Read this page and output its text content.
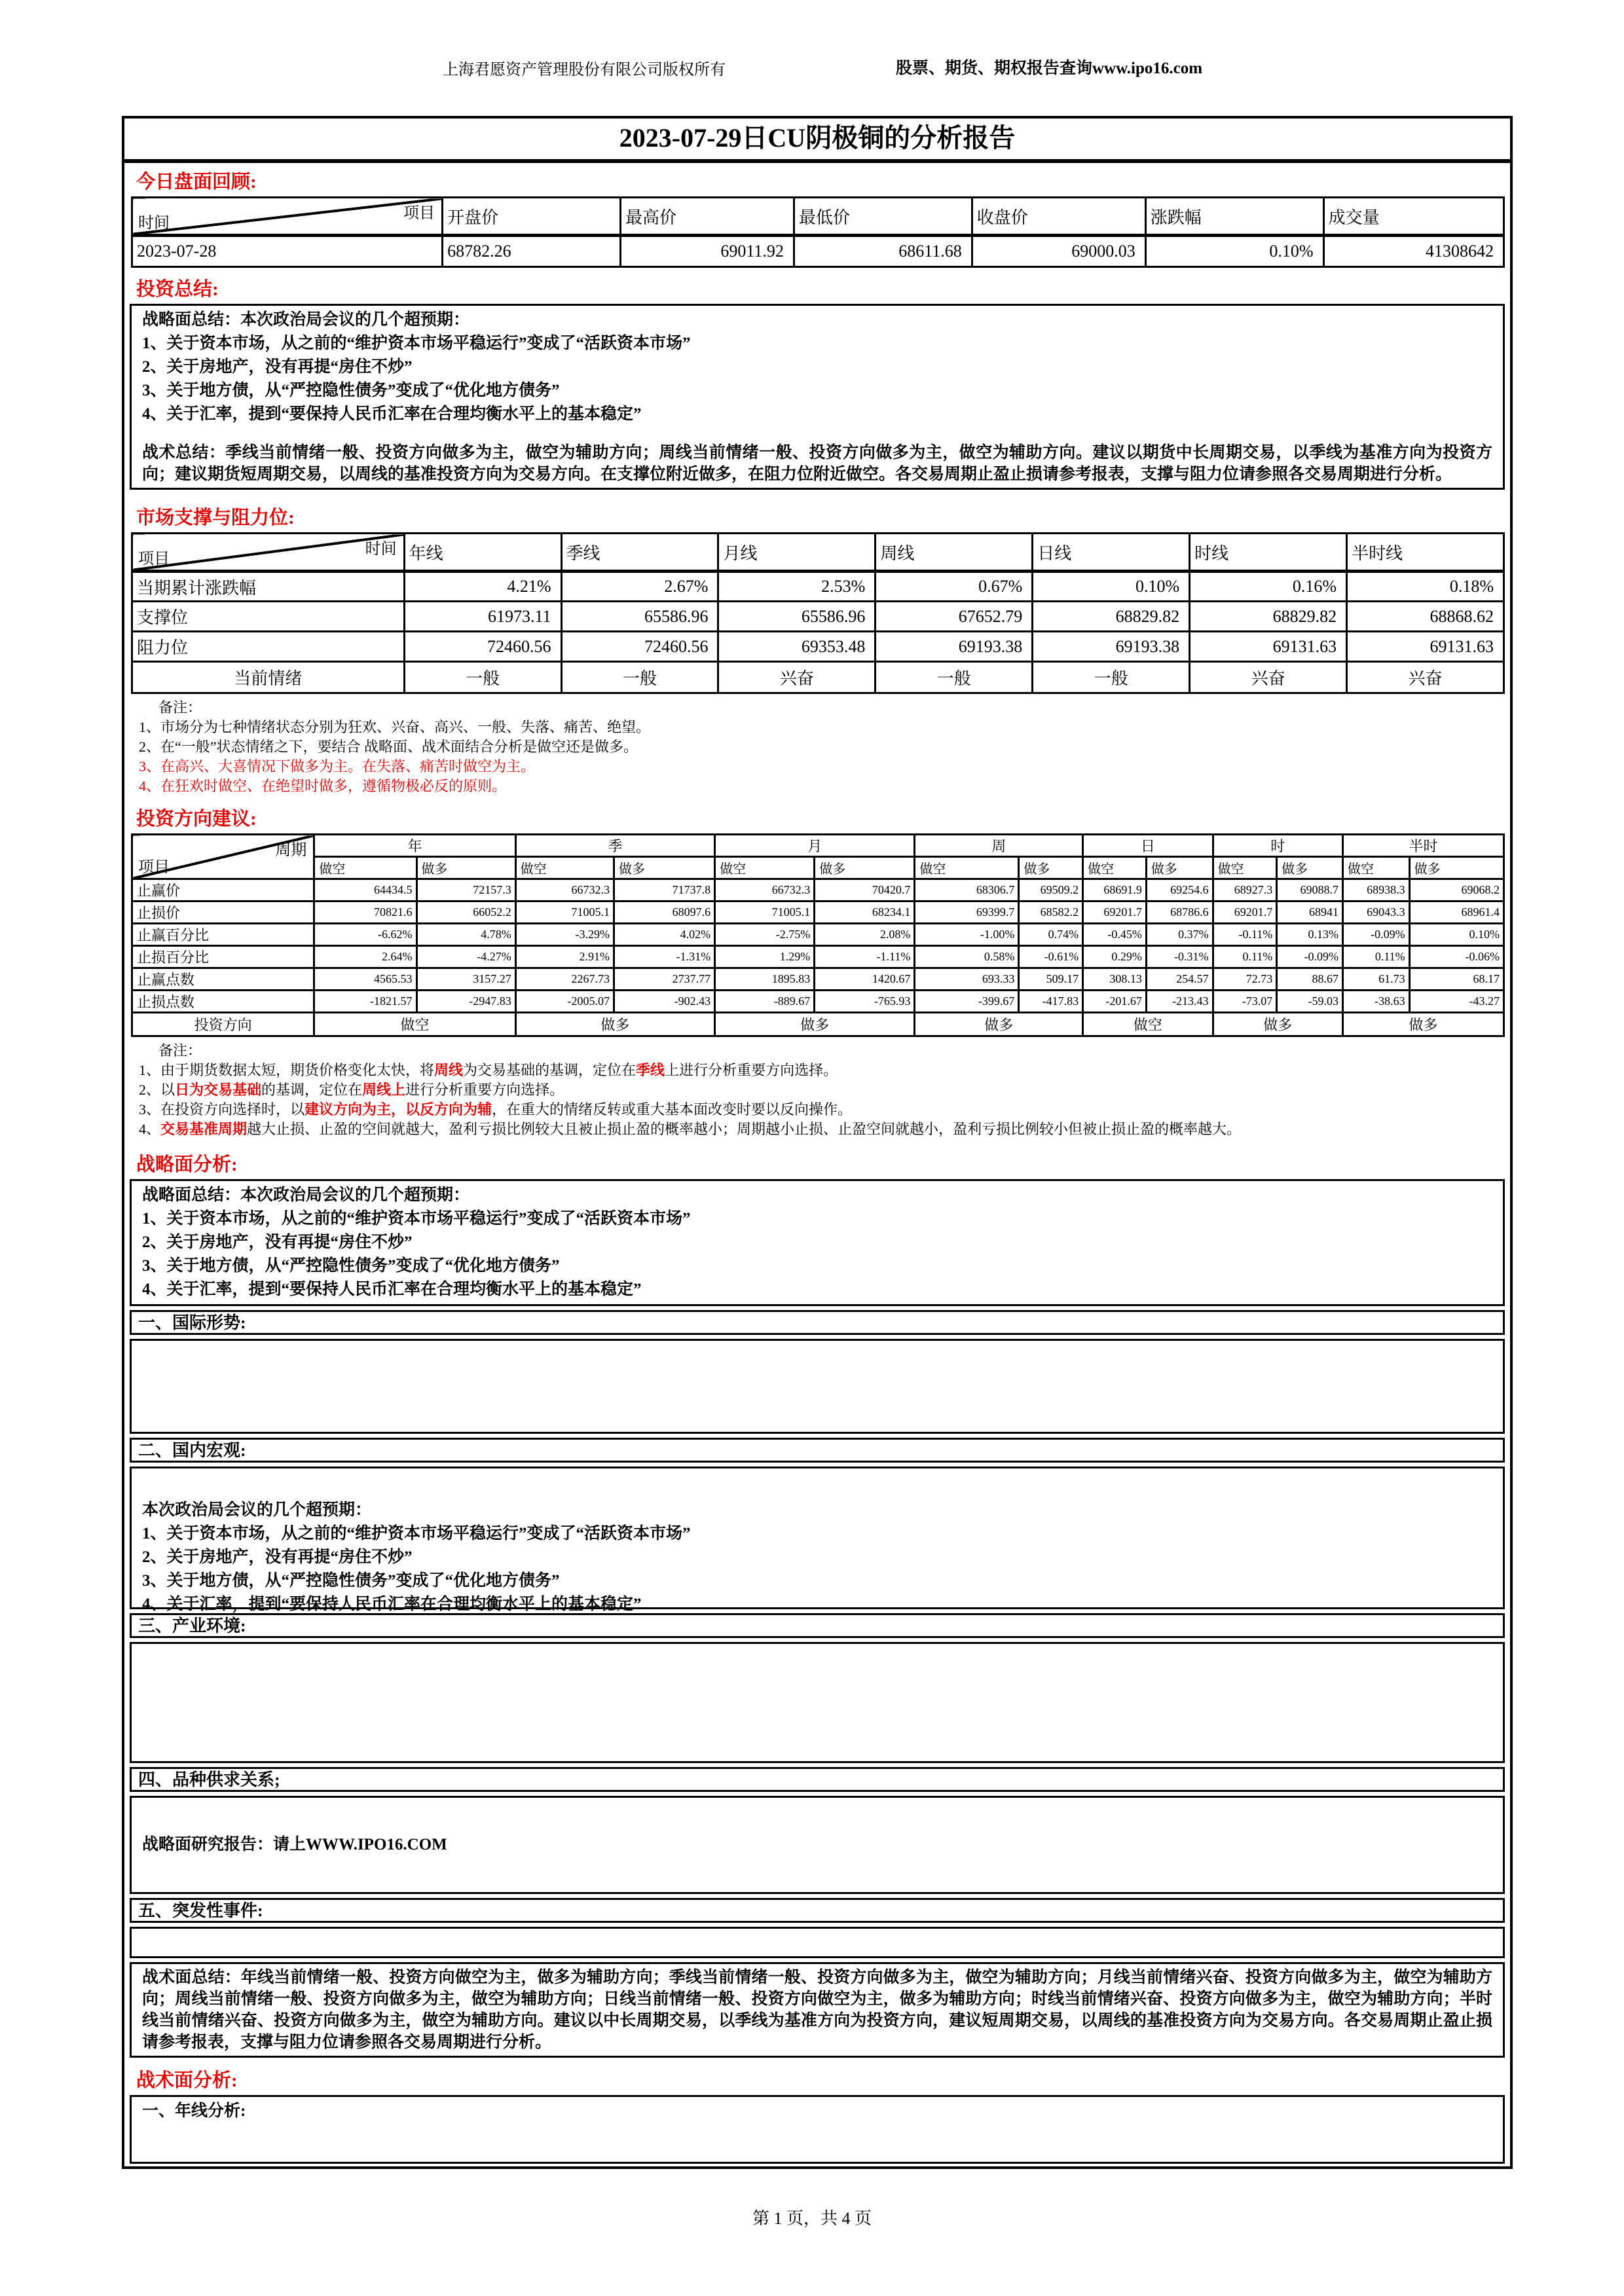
上海君愿资产管理股份有限公司版权所有	股票、期货、期权报告查询www.ipo16.com
2023-07-29日CU阴极铜的分析报告
今日盘面回顾:
项目
时间	开盘价	最高价	最低价	收盘价	涨跌幅	成交量
2023-07-28	68782.26	69011.92	68611.68	69000.03	0.10%	41308642
投资总结:
战略面总结：本次政治局会议的几个超预期：
1、关于资本市场，从之前的“维护资本市场平稳运行”变成了“活跃资本市场”
2、关于房地产，没有再提“房住不炒”
3、关于地方债，从“严控隐性债务”变成了“优化地方债务”
4、关于汇率，提到“要保持人民币汇率在合理均衡水平上的基本稳定”
战术总结：季线当前情绪一般、投资方向做多为主，做空为辅助方向；周线当前情绪一般、投资方向做多为主，做空为辅助方向。建议以期货中长周期交易，以季线为基准方向为投资方向；建议期货短周期交易，以周线的基准投资方向为交易方向。在支撑位附近做多，在阻力位附近做空。各交易周期止盈止损请参考报表，支撑与阻力位请参照各交易周期进行分析。
市场支撑与阻力位:
时间
项目	年线	季线	月线	周线	日线	时线	半时线
当期累计涨跌幅	4.21%	2.67%	2.53%	0.67%	0.10%	0.16%	0.18%
支撑位	61973.11	65586.96	65586.96	67652.79	68829.82	68829.82	68868.62
阻力位	72460.56	72460.56	69353.48	69193.38	69193.38	69131.63	69131.63
当前情绪	一般	一般	兴奋	一般	一般	兴奋	兴奋
备注：
1、市场分为七种情绪状态分别为狂欢、兴奋、高兴、一般、失落、痛苦、绝望。
2、在“一般”状态情绪之下，要结合 战略面、战术面结合分析是做空还是做多。
3、在高兴、大喜情况下做多为主。在失落、痛苦时做空为主。
4、在狂欢时做空、在绝望时做多，遵循物极必反的原则。
投资方向建议:
周期
项目	年		季		月		周		日		时		半时	
	做空	做多	做空	做多	做空	做多	做空	做多	做空	做多	做空	做多	做空	做多
止赢价	64434.5	72157.3	66732.3	71737.8	66732.3	70420.7	68306.7	69509.2	68691.9	69254.6	68927.3	69088.7	68938.3	69068.2
止损价	70821.6	66052.2	71005.1	68097.6	71005.1	68234.1	69399.7	68582.2	69201.7	68786.6	69201.7	68941	69043.3	68961.4
止赢百分比	-6.62%	4.78%	-3.29%	4.02%	-2.75%	2.08%	-1.00%	0.74%	-0.45%	0.37%	-0.11%	0.13%	-0.09%	0.10%
止损百分比	2.64%	-4.27%	2.91%	-1.31%	1.29%	-1.11%	0.58%	-0.61%	0.29%	-0.31%	0.11%	-0.09%	0.11%	-0.06%
止赢点数	4565.53	3157.27	2267.73	2737.77	1895.83	1420.67	693.33	509.17	308.13	254.57	72.73	88.67	61.73	68.17
止损点数	-1821.57	-2947.83	-2005.07	-902.43	-889.67	-765.93	-399.67	-417.83	-201.67	-213.43	-73.07	-59.03	-38.63	-43.27
投资方向	做空		做多		做多		做多		做空		做多		做多	
备注：
1、由于期货数据太短，期货价格变化太快，将周线为交易基础的基调，定位在季线上进行分析重要方向选择。
2、以日为交易基础的基调，定位在周线上进行分析重要方向选择。
3、在投资方向选择时，以建议方向为主，以反方向为辅，在重大的情绪反转或重大基本面改变时要以反向操作。
4、交易基准周期越大止损、止盈的空间就越大，盈利亏损比例较大且被止损止盈的概率越小；周期越小止损、止盈空间就越小，盈利亏损比例较小但被止损止盈的概率越大。
战略面分析:
战略面总结：本次政治局会议的几个超预期：
1、关于资本市场，从之前的“维护资本市场平稳运行”变成了“活跃资本市场”
2、关于房地产，没有再提“房住不炒”
3、关于地方债，从“严控隐性债务”变成了“优化地方债务”
4、关于汇率，提到“要保持人民币汇率在合理均衡水平上的基本稳定”
一、国际形势:
二、国内宏观:
本次政治局会议的几个超预期：
1、关于资本市场，从之前的“维护资本市场平稳运行”变成了“活跃资本市场”
2、关于房地产，没有再提“房住不炒”
3、关于地方债，从“严控隐性债务”变成了“优化地方债务”
4、关于汇率，提到“要保持人民币汇率在合理均衡水平上的基本稳定”
三、产业环境:
四、品种供求关系;
战略面研究报告：请上WWW.IPO16.COM
五、突发性事件:
战术面总结：年线当前情绪一般、投资方向做空为主，做多为辅助方向；季线当前情绪一般、投资方向做多为主，做空为辅助方向；月线当前情绪兴奋、投资方向做多为主，做空为辅助方向；周线当前情绪一般、投资方向做多为主，做空为辅助方向；日线当前情绪一般、投资方向做空为主，做多为辅助方向；时线当前情绪兴奋、投资方向做多为主，做空为辅助方向；半时线当前情绪兴奋、投资方向做多为主，做空为辅助方向。建议以中长周期交易，以季线为基准方向为投资方向，建议短周期交易，以周线的基准投资方向为交易方向。各交易周期止盈止损请参考报表，支撑与阻力位请参照各交易周期进行分析。
战术面分析:
一、年线分析:
第 1 页，共 4 页
